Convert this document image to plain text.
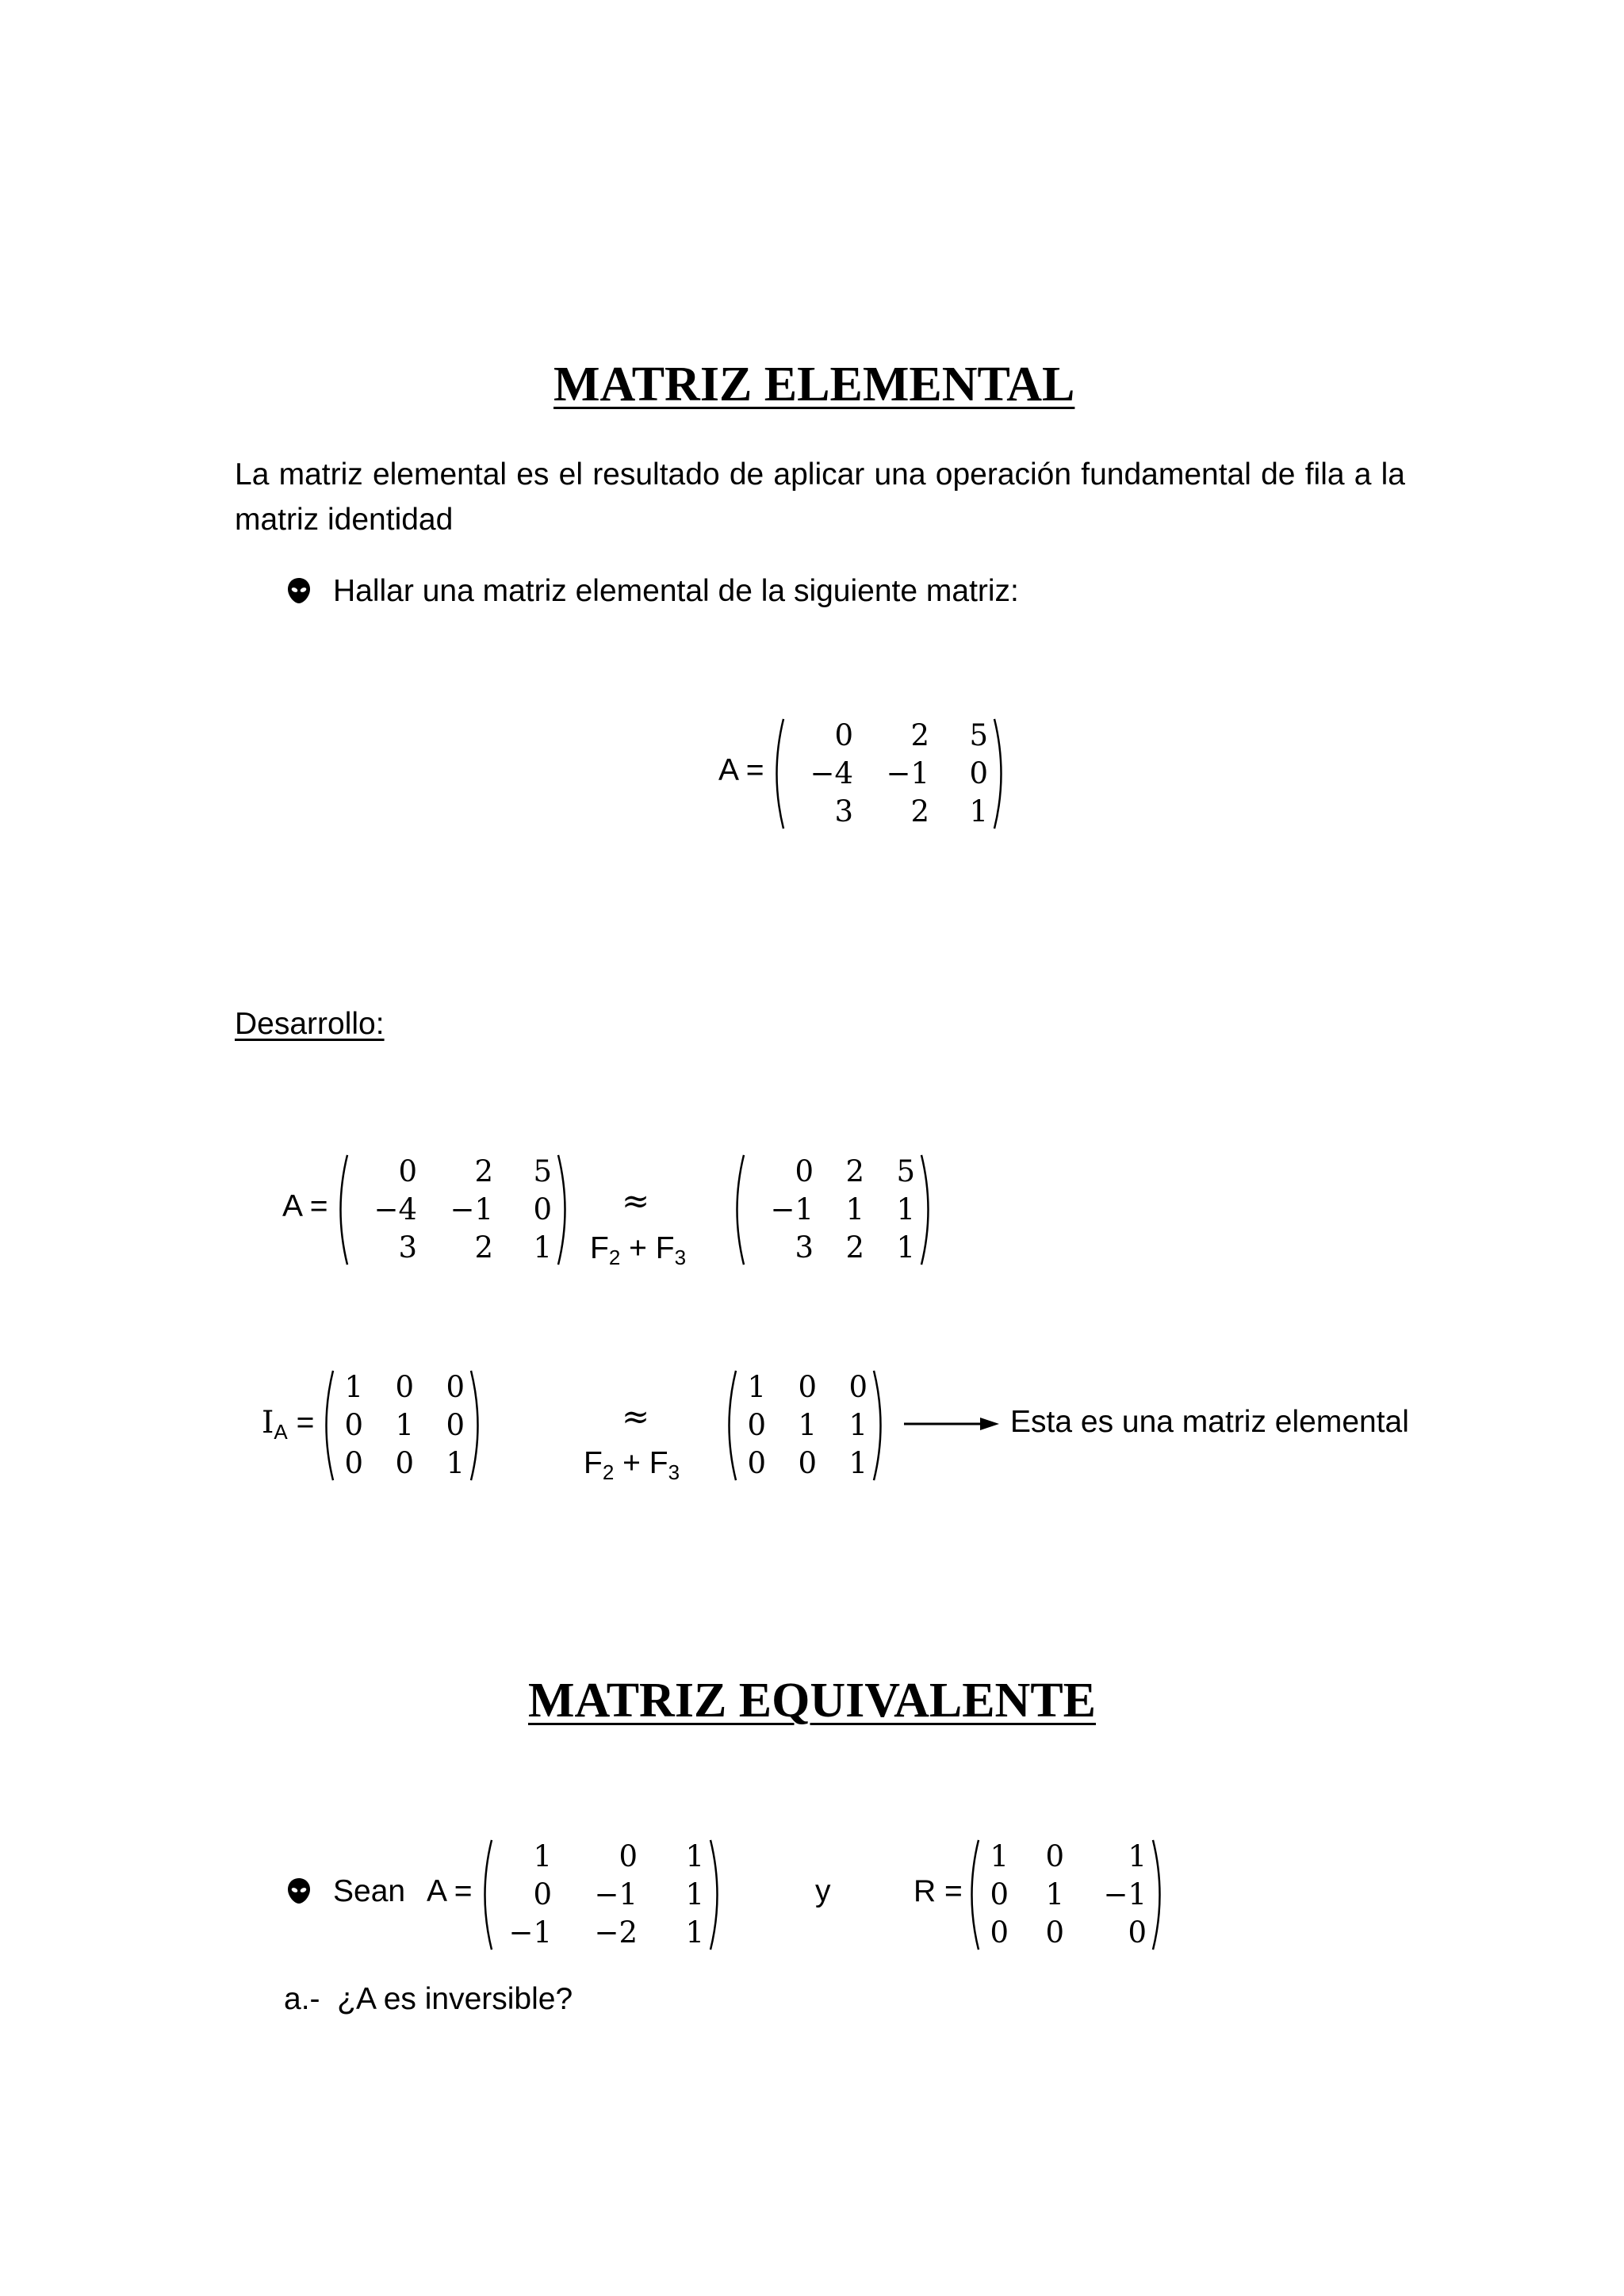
MATRIZ ELEMENTAL
La matriz elemental es el resultado de aplicar una operación fundamental de fila a la matriz identidad
Hallar una matriz elemental de la siguiente matriz:
A =
0	2	5
−4	−1	0
3	2	1
Desarrollo:
A =
0	2	5
−4	−1	0
3	2	1
≈
$F_2 + F_3$
0	2	5
−1	1	1
3	2	1
$I_A$ =
1	0	0
0	1	0
0	0	1
≈
$F_2 + F_3$
1	0	0
0	1	1
0	0	1
Esta es una matriz elemental
MATRIZ EQUIVALENTE
Sean A =
1	0	1
0	−1	1
−1	−2	1
y	R =
1	0	1
0	1	−1
0	0	0
a.-  ¿A es inversible?
